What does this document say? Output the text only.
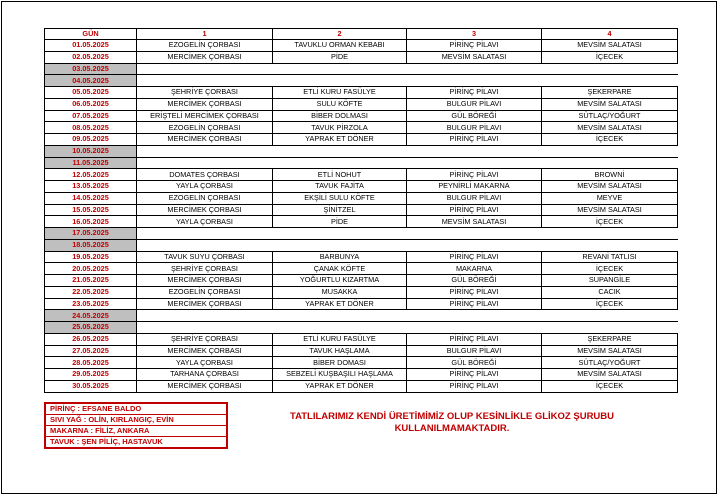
GÜN	1	2	3	4
01.05.2025	EZOGELİN ÇORBASI	TAVUKLU ORMAN KEBABI	PİRİNÇ PİLAVI	MEVSİM SALATASI
02.05.2025	MERCİMEK ÇORBASI	PİDE	MEVSİM SALATASI	İÇECEK
03.05.2025				
04.05.2025				
05.05.2025	ŞEHRİYE ÇORBASI	ETLİ KURU FASÜLYE	PİRİNÇ PİLAVI	ŞEKERPARE
06.05.2025	MERCİMEK ÇORBASI	SULU KÖFTE	BULGUR PİLAVI	MEVSİM SALATASI
07.05.2025	ERİŞTELİ MERCİMEK ÇORBASI	BİBER DOLMASI	GÜL BÖREĞİ	SÜTLAÇ/YOĞURT
08.05.2025	EZOGELİN ÇORBASI	TAVUK PİRZOLA	BULGUR PİLAVI	MEVSİM SALATASI
09.05.2025	MERCİMEK ÇORBASI	YAPRAK ET DÖNER	PİRİNÇ PİLAVI	İÇECEK
10.05.2025				
11.05.2025				
12.05.2025	DOMATES ÇORBASI	ETLİ NOHUT	PİRİNÇ PİLAVI	BROWNİ
13.05.2025	YAYLA ÇORBASI	TAVUK FAJİTA	PEYNİRLİ MAKARNA	MEVSİM SALATASI
14.05.2025	EZOGELİN ÇORBASI	EKŞİLİ SULU KÖFTE	BULGUR PİLAVI	MEYVE
15.05.2025	MERCİMEK ÇORBASI	ŞİNİTZEL	PİRİNÇ PİLAVI	MEVSİM SALATASI
16.05.2025	YAYLA ÇORBASI	PİDE	MEVSİM SALATASI	İÇECEK
17.05.2025				
18.05.2025				
19.05.2025	TAVUK SUYU ÇORBASI	BARBUNYA	PİRİNÇ PİLAVI	REVANİ TATLISI
20.05.2025	ŞEHRİYE ÇORBASI	ÇANAK KÖFTE	MAKARNA	İÇECEK
21.05.2025	MERCİMEK ÇORBASI	YOĞURTLU KIZARTMA	GÜL BÖREĞİ	SUPANGİLE
22.05.2025	EZOGELİN ÇORBASI	MUSAKKA	PİRİNÇ PİLAVI	CACIK
23.05.2025	MERCİMEK ÇORBASI	YAPRAK ET DÖNER	PİRİNÇ PİLAVI	İÇECEK
24.05.2025				
25.05.2025				
26.05.2025	ŞEHRİYE ÇORBASI	ETLİ KURU FASÜLYE	PİRİNÇ PİLAVI	ŞEKERPARE
27.05.2025	MERCİMEK ÇORBASI	TAVUK HAŞLAMA	BULGUR PİLAVI	MEVSİM SALATASI
28.05.2025	YAYLA ÇORBASI	BİBER DOMASI	GÜL BÖREĞİ	SÜTLAÇ/YOĞURT
29.05.2025	TARHANA ÇORBASI	SEBZELİ KUŞBAŞILI HAŞLAMA	PİRİNÇ PİLAVI	MEVSİM SALATASI
30.05.2025	MERCİMEK ÇORBASI	YAPRAK ET DÖNER	PİRİNÇ PİLAVI	İÇECEK
PİRİNÇ : EFSANE BALDO
SIVI YAĞ : OLİN, KIRLANGIÇ, EVİN
MAKARNA : FİLİZ, ANKARA
TAVUK : ŞEN PİLİÇ, HASTAVUK
TATLILARIMIZ KENDİ ÜRETİMİMİZ OLUP KESİNLİKLE GLİKOZ ŞURUBU
KULLANILMAMAKTADIR.
